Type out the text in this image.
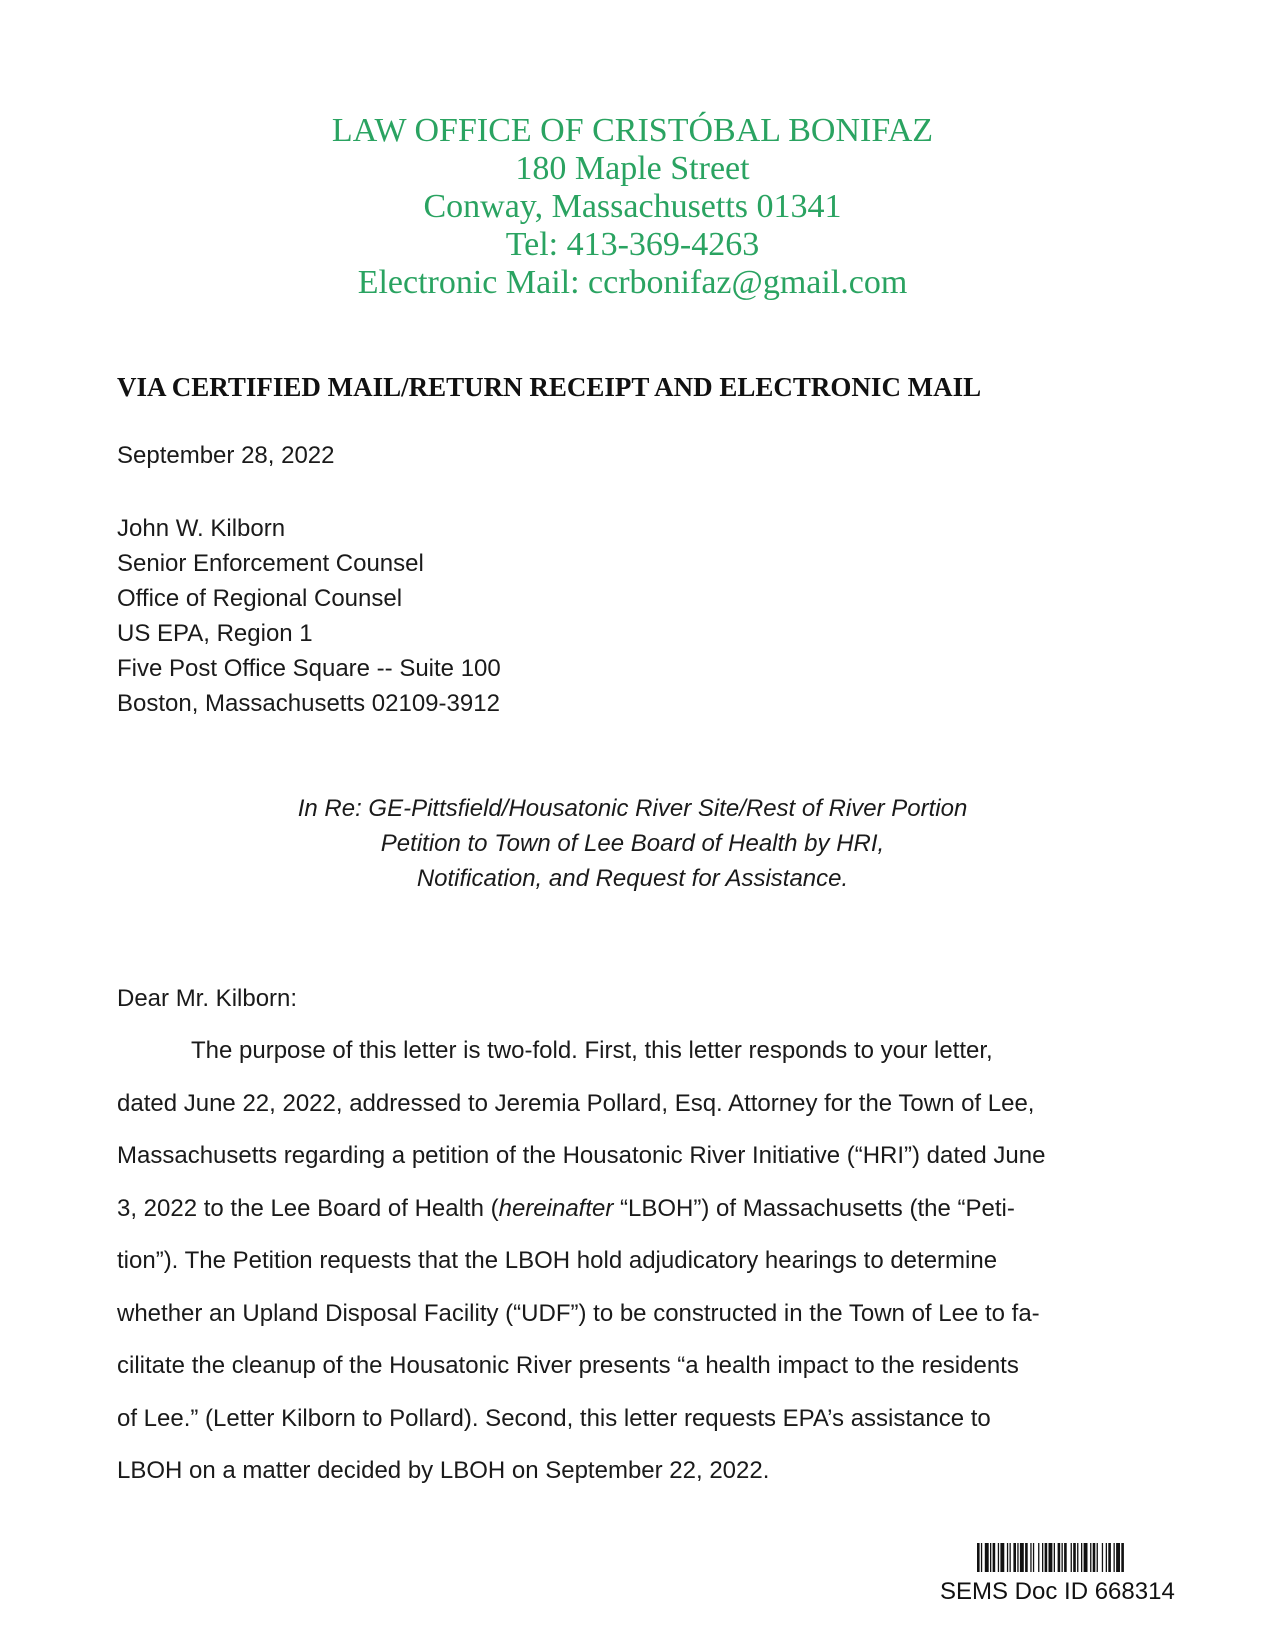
LAW OFFICE OF CRISTÓBAL BONIFAZ
180 Maple Street
Conway, Massachusetts 01341
Tel: 413-369-4263
Electronic Mail: ccrbonifaz@gmail.com
VIA CERTIFIED MAIL/RETURN RECEIPT AND ELECTRONIC MAIL
September 28, 2022
John W. Kilborn
Senior Enforcement Counsel
Office of Regional Counsel
US EPA, Region 1
Five Post Office Square -- Suite 100
Boston, Massachusetts 02109-3912
In Re: GE-Pittsfield/Housatonic River Site/Rest of River Portion
Petition to Town of Lee Board of Health by HRI,
Notification, and Request for Assistance.
Dear Mr. Kilborn:
The purpose of this letter is two-fold. First, this letter responds to your letter,
dated June 22, 2022, addressed to Jeremia Pollard, Esq. Attorney for the Town of Lee,
Massachusetts regarding a petition of the Housatonic River Initiative (“HRI”) dated June
3, 2022 to the Lee Board of Health (hereinafter “LBOH”) of Massachusetts (the “Peti-
tion”). The Petition requests that the LBOH hold adjudicatory hearings to determine
whether an Upland Disposal Facility (“UDF”) to be constructed in the Town of Lee to fa-
cilitate the cleanup of the Housatonic River presents “a health impact to the residents
of Lee.” (Letter Kilborn to Pollard). Second, this letter requests EPA’s assistance to
LBOH on a matter decided by LBOH on September 22, 2022.
SEMS Doc ID 668314
